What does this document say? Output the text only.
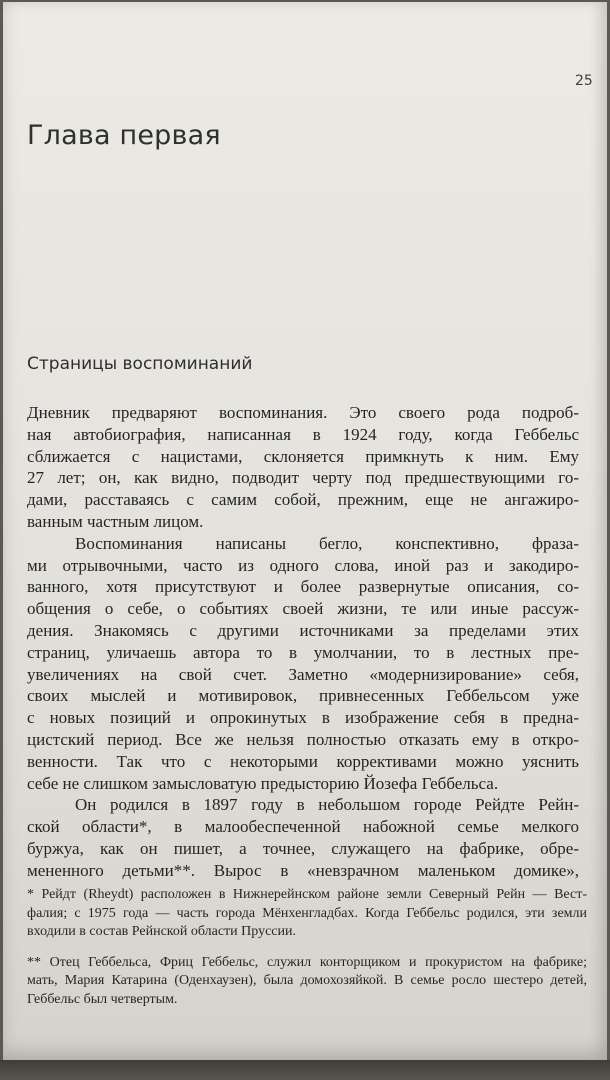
25
Глава первая
Страницы воспоминаний
Дневник предваряют воспоминания. Это своего рода подроб-
ная автобиография, написанная в 1924 году, когда Геббельс
сближается с нацистами, склоняется примкнуть к ним. Ему
27 лет; он, как видно, подводит черту под предшествующими го-
дами, расставаясь с самим собой, прежним, еще не ангажиро-
ванным частным лицом.
Воспоминания написаны бегло, конспективно, фраза-
ми отрывочными, часто из одного слова, иной раз и закодиро-
ванного, хотя присутствуют и более развернутые описания, со-
общения о себе, о событиях своей жизни, те или иные рассуж-
дения. Знакомясь с другими источниками за пределами этих
страниц, уличаешь автора то в умолчании, то в лестных пре-
увеличениях на свой счет. Заметно «модернизирование» себя,
своих мыслей и мотивировок, привнесенных Геббельсом уже
с новых позиций и опрокинутых в изображение себя в предна-
цистский период. Все же нельзя полностью отказать ему в откро-
венности. Так что с некоторыми коррективами можно уяснить
себе не слишком замысловатую предысторию Йозефа Геббельса.
Он родился в 1897 году в небольшом городе Рейдте Рейн-
ской области*, в малообеспеченной набожной семье мелкого
буржуа, как он пишет, а точнее, служащего на фабрике, обре-
мененного детьми**. Вырос в «невзрачном маленьком домике»,
* Рейдт (Rheydt) расположен в Нижнерейнском районе земли Северный Рейн — Вест-
фалия; с 1975 года — часть города Мёнхенгладбах. Когда Геббельс родился, эти земли
входили в состав Рейнской области Пруссии.
** Отец Геббельса, Фриц Геббельс, служил конторщиком и прокуристом на фабрике;
мать, Мария Катарина (Оденхаузен), была домохозяйкой. В семье росло шестеро детей,
Геббельс был четвертым.
